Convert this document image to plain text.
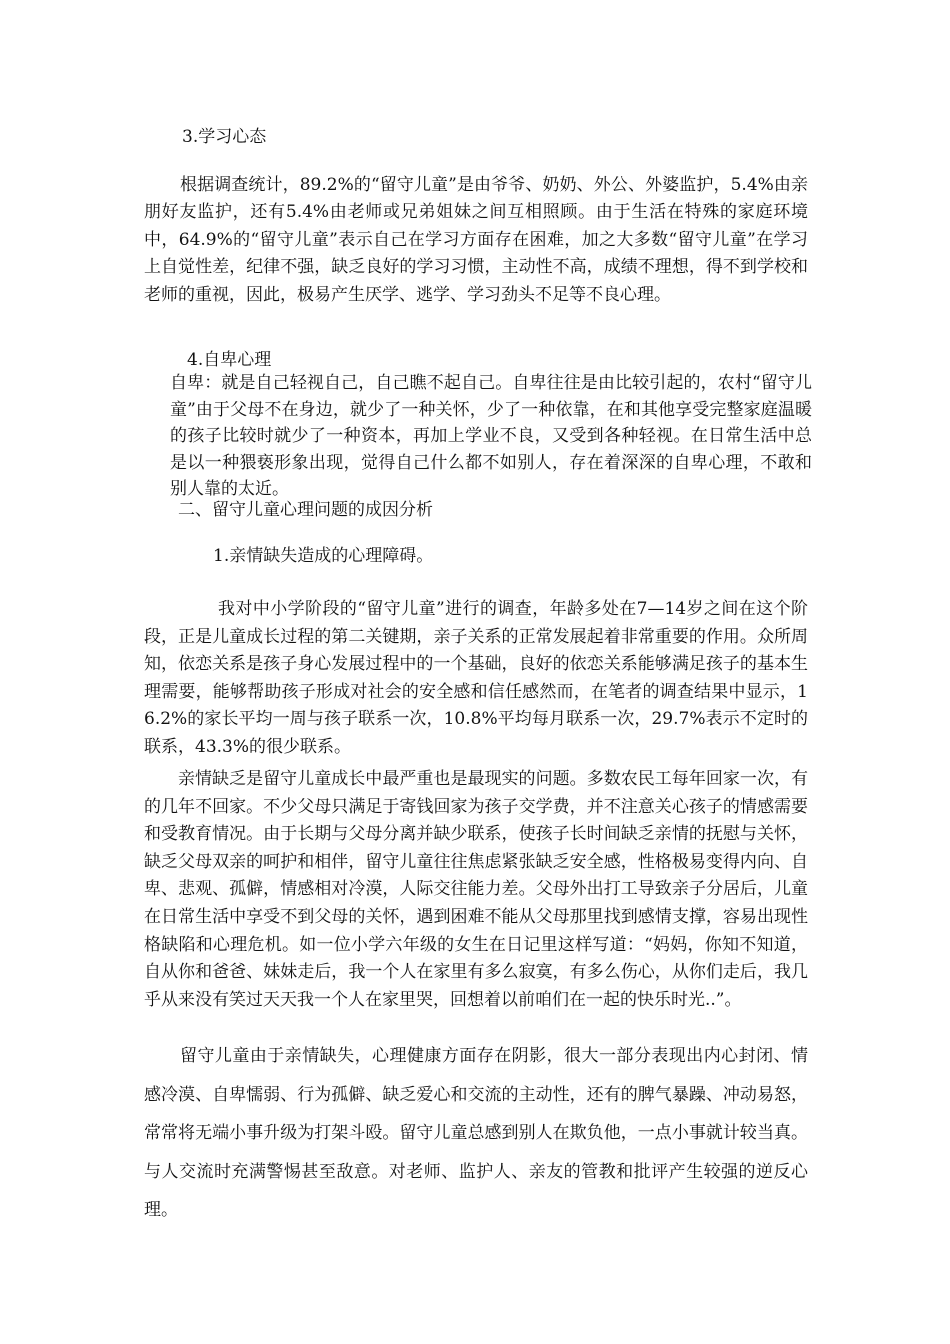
3.学习心态
根据调查统计，89.2%的“留守儿童”是由爷爷、奶奶、外公、外婆监护，5.4%由亲朋好友监护，还有5.4%由老师或兄弟姐妹之间互相照顾。由于生活在特殊的家庭环境中，64.9%的“留守儿童”表示自己在学习方面存在困难，加之大多数“留守儿童”在学习上自觉性差，纪律不强，缺乏良好的学习习惯，主动性不高，成绩不理想，得不到学校和老师的重视，因此，极易产生厌学、逃学、学习劲头不足等不良心理。
4.自卑心理
自卑：就是自己轻视自己，自己瞧不起自己。自卑往往是由比较引起的，农村“留守儿童”由于父母不在身边，就少了一种关怀，少了一种依靠，在和其他享受完整家庭温暖的孩子比较时就少了一种资本，再加上学业不良，又受到各种轻视。在日常生活中总是以一种猥亵形象出现，觉得自己什么都不如别人，存在着深深的自卑心理，不敢和别人靠的太近。
二、留守儿童心理问题的成因分析
1.亲情缺失造成的心理障碍。
我对中小学阶段的“留守儿童”进行的调查，年龄多处在7—14岁之间在这个阶段，正是儿童成长过程的第二关键期，亲子关系的正常发展起着非常重要的作用。众所周知，依恋关系是孩子身心发展过程中的一个基础，良好的依恋关系能够满足孩子的基本生理需要，能够帮助孩子形成对社会的安全感和信任感然而，在笔者的调查结果中显示，16.2%的家长平均一周与孩子联系一次，10.8%平均每月联系一次，29.7%表示不定时的联系，43.3%的很少联系。
亲情缺乏是留守儿童成长中最严重也是最现实的问题。多数农民工每年回家一次，有的几年不回家。不少父母只满足于寄钱回家为孩子交学费，并不注意关心孩子的情感需要和受教育情况。由于长期与父母分离并缺少联系，使孩子长时间缺乏亲情的抚慰与关怀，缺乏父母双亲的呵护和相伴，留守儿童往往焦虑紧张缺乏安全感，性格极易变得内向、自卑、悲观、孤僻，情感相对冷漠，人际交往能力差。父母外出打工导致亲子分居后，儿童在日常生活中享受不到父母的关怀，遇到困难不能从父母那里找到感情支撑，容易出现性格缺陷和心理危机。如一位小学六年级的女生在日记里这样写道：“妈妈，你知不知道，自从你和爸爸、妹妹走后，我一个人在家里有多么寂寞，有多么伤心，从你们走后，我几乎从来没有笑过天天我一个人在家里哭，回想着以前咱们在一起的快乐时光..”。
留守儿童由于亲情缺失，心理健康方面存在阴影，很大一部分表现出内心封闭、情感冷漠、自卑懦弱、行为孤僻、缺乏爱心和交流的主动性，还有的脾气暴躁、冲动易怒，常常将无端小事升级为打架斗殴。留守儿童总感到别人在欺负他，一点小事就计较当真。与人交流时充满警惕甚至敌意。对老师、监护人、亲友的管教和批评产生较强的逆反心理。
